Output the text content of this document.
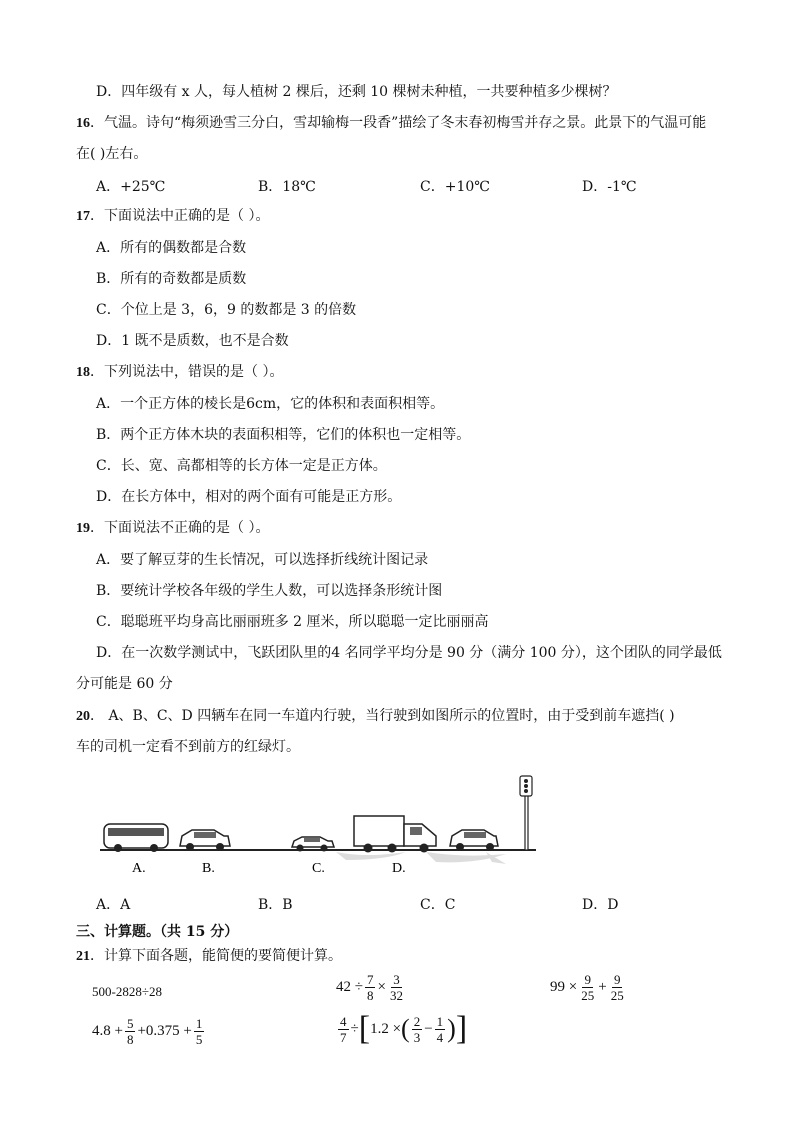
D．四年级有 x 人，每人植树 2 棵后，还剩 10 棵树未种植，一共要种植多少棵树？
16．气温。诗句“梅须逊雪三分白，雪却输梅一段香”描绘了冬末春初梅雪并存之景。此景下的气温可能
在( )左右。
A．+25℃	B．18℃	C．+10℃	D．-1℃
17．下面说法中正确的是（ ）。
A．所有的偶数都是合数
B．所有的奇数都是质数
C．个位上是 3，6，9 的数都是 3 的倍数
D．1 既不是质数，也不是合数
18．下列说法中，错误的是（ ）。
A．一个正方体的棱长是6cm，它的体积和表面积相等。
B．两个正方体木块的表面积相等，它们的体积也一定相等。
C．长、宽、高都相等的长方体一定是正方体。
D．在长方体中，相对的两个面有可能是正方形。
19．下面说法不正确的是（ ）。
A．要了解豆芽的生长情况，可以选择折线统计图记录
B．要统计学校各年级的学生人数，可以选择条形统计图
C．聪聪班平均身高比丽丽班多 2 厘米，所以聪聪一定比丽丽高
D．在一次数学测试中，飞跃团队里的4 名同学平均分是 90 分（满分 100 分），这个团队的同学最低
分可能是 60 分
20． A、B、C、D 四辆车在同一车道内行驶，当行驶到如图所示的位置时，由于受到前车遮挡( )
车的司机一定看不到前方的红绿灯。
A.	B.	C.	D.
A．A	B．B	C．C	D．D
三、计算题。（共 15 分）
21．计算下面各题，能简便的要简便计算。
500-2828÷28	$42 \div \frac{7}{8} \times \frac{3}{32}$	$99 \times \frac{9}{25} + \frac{9}{25}$
$4.8 + \frac{5}{8} +0.375 + \frac{1}{5}$	$\frac{4}{7}$ ÷ [ 1.2 × ( $\frac{2}{3} - \frac{1}{4}$ ) ]
